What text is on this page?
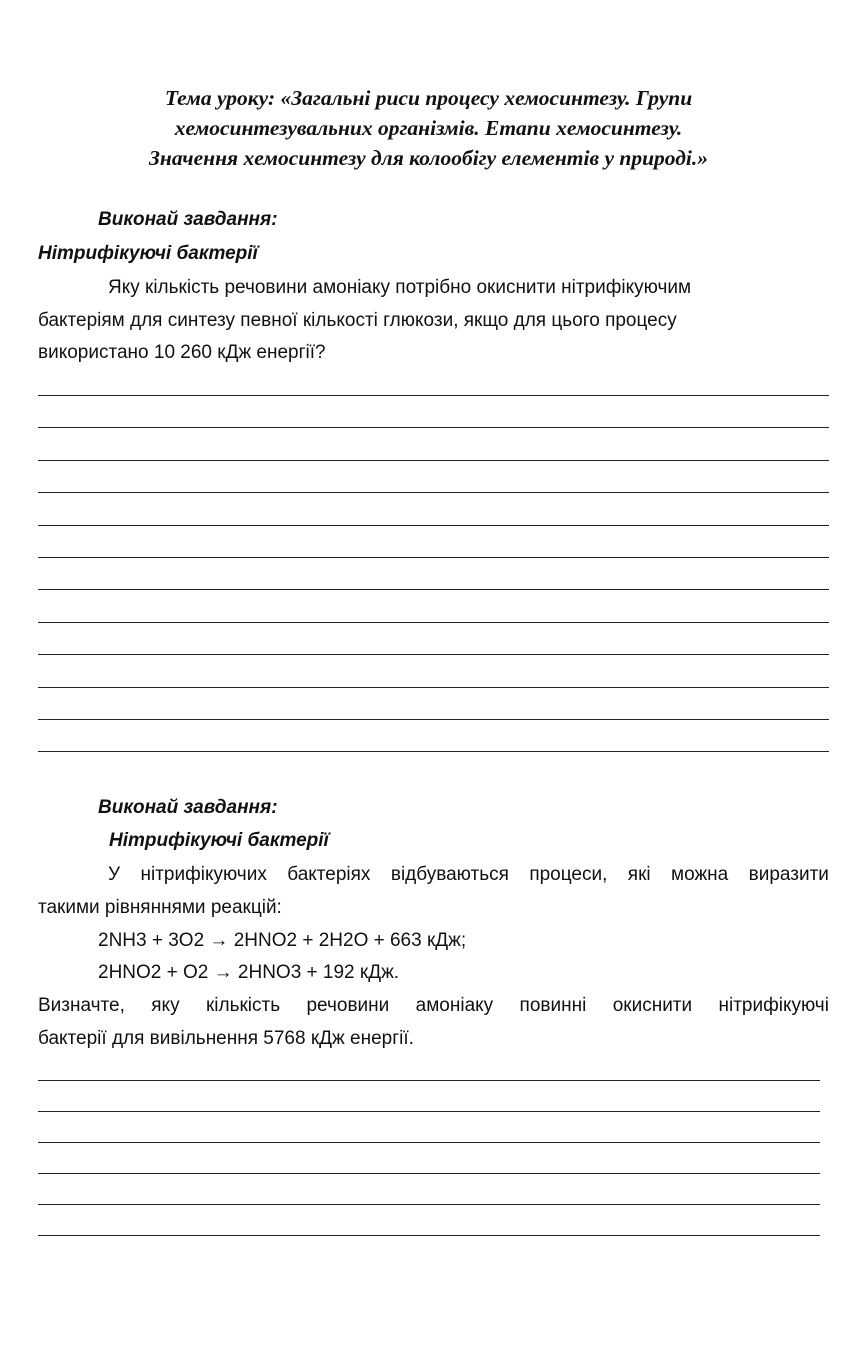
Тема уроку: «Загальні риси процесу хемосинтезу. Групи
хемосинтезувальних організмів. Етапи хемосинтезу.
Значення хемосинтезу для колообігу елементів у природі.»
Виконай завдання:
Нітрифікуючі бактерії
Яку кількість речовини амоніаку потрібно окиснити нітрифікуючим
бактеріям для синтезу певної кількості глюкози, якщо для цього процесу
використано 10 260 кДж енергії?
Виконай завдання:
Нітрифікуючі бактерії
У нітрифікуючих бактеріях відбуваються процеси, які можна виразити
такими рівняннями реакцій:
2NH3 + 3O2 → 2HNO2 + 2H2O + 663 кДж;
2HNO2 + O2 → 2HNO3 + 192 кДж.
Визначте, яку кількість речовини амоніаку повинні окиснити нітрифікуючі
бактерії для вивільнення 5768 кДж енергії.
